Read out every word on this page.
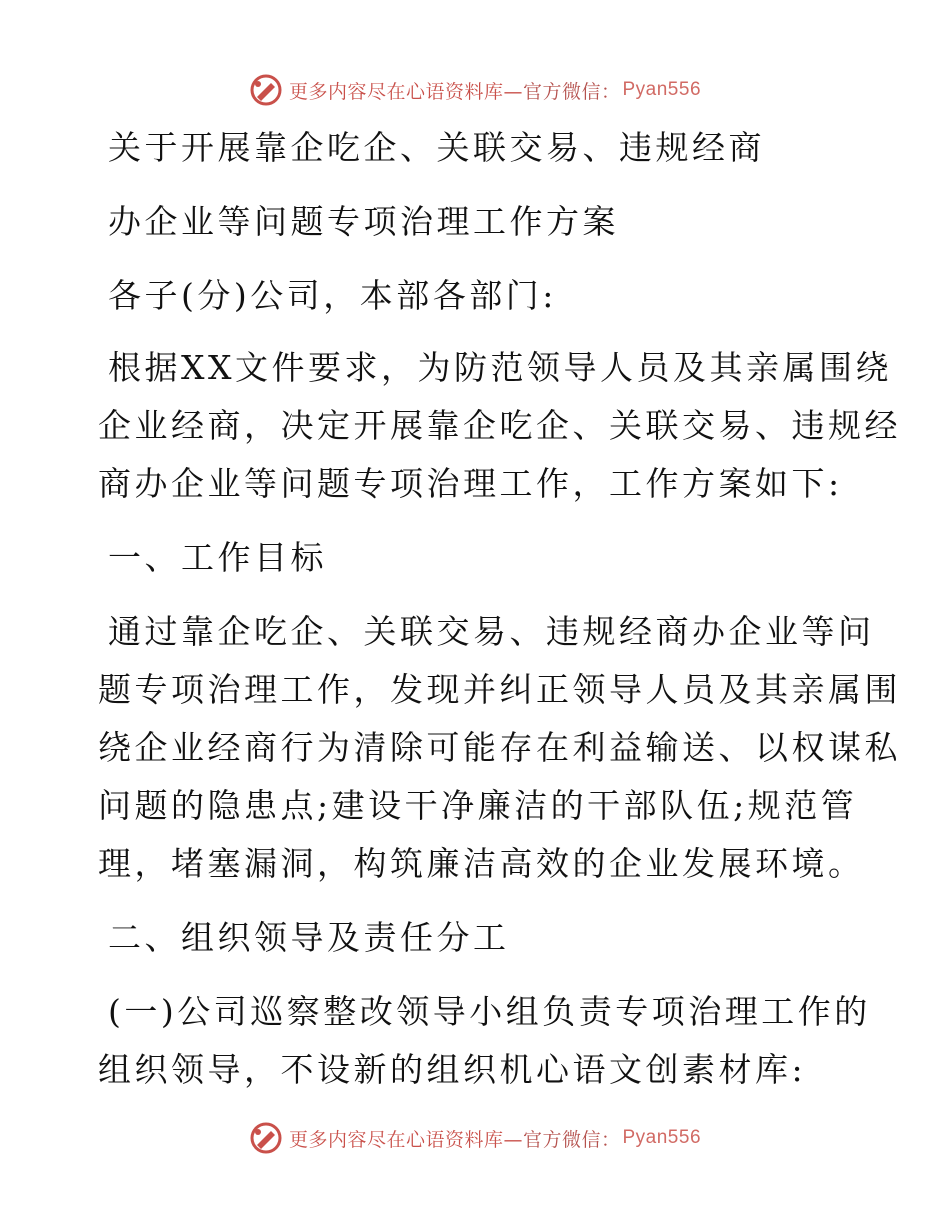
更多内容尽在心语资料库— 官方微信： Pyan556
关于开展靠企吃企、关联交易、违规经商
办企业等问题专项治理工作方案
各子(分)公司，本部各部门:
根据XX文件要求，为防范领导人员及其亲属围绕
企业经商，决定开展靠企吃企、关联交易、违规经
商办企业等问题专项治理工作，工作方案如下:
一、工作目标
通过靠企吃企、关联交易、违规经商办企业等问
题专项治理工作，发现并纠正领导人员及其亲属围
绕企业经商行为清除可能存在利益输送、以权谋私
问题的隐患点;建设干净廉洁的干部队伍;规范管
理，堵塞漏洞，构筑廉洁高效的企业发展环境。
二、组织领导及责任分工
(一)公司巡察整改领导小组负责专项治理工作的
组织领导，不设新的组织机心语文创素材库:
更多内容尽在心语资料库— 官方微信： Pyan556
